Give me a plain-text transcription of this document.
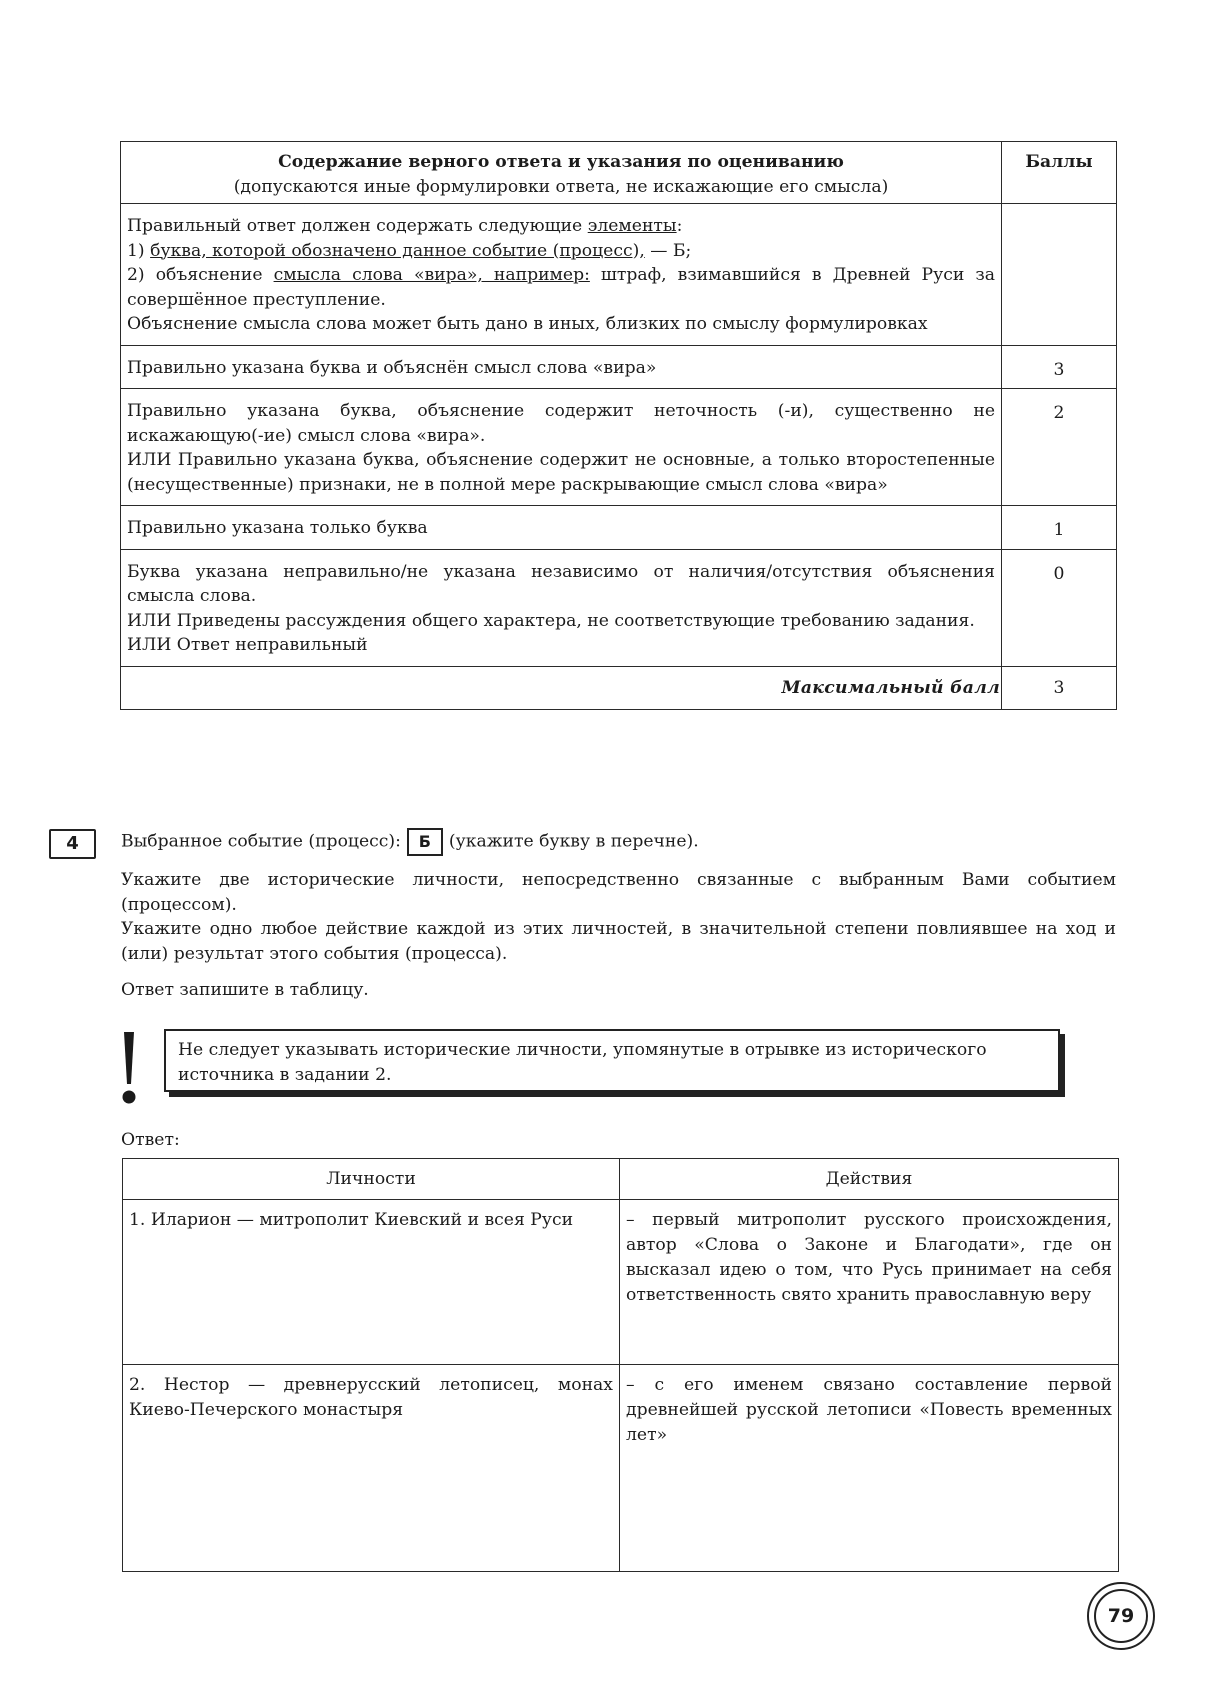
Содержание верного ответа и указания по оцениванию
(допускаются иные формулировки ответа, не искажающие его смысла)	Баллы

Правильный ответ должен содержать следующие элементы:
1) буква, которой обозначено данное событие (процесс), — Б;
2) объяснение смысла слова «вира», например: штраф, взимавшийся в Древней Руси за совершённое преступление.
Объяснение смысла слова может быть дано в иных, близких по смыслу формулировках	

Правильно указана буква и объяснён смысл слова «вира»	3

Правильно указана буква, объяснение содержит неточность (-и), существенно не искажающую(-ие) смысл слова «вира».
ИЛИ Правильно указана буква, объяснение содержит не основные, а только второстепенные (несущественные) признаки, не в полной мере раскрывающие смысл слова «вира»	2
Правильно указана только буква	1

Буква указана неправильно/не указана независимо от наличия/отсутствия объяснения смысла слова.
ИЛИ Приведены рассуждения общего характера, не соответствующие требованию задания.
ИЛИ Ответ неправильный	0
Максимальный балл	3
4	Выбранное событие (процесс): Б (укажите букву в перечне).

Укажите две исторические личности, непосредственно связанные с выбранным Вами событием (процессом).

Укажите одно любое действие каждой из этих личностей, в значительной степени повлиявшее на ход и (или) результат этого события (процесса).

Ответ запишите в таблицу.

Не следует указывать исторические личности, упомянутые в отрывке из исторического источника в задании 2.
Ответ:
Личности	Действия
1. Иларион — митрополит Киевский и всея Руси	– первый митрополит русского происхождения, автор «Слова о Законе и Благодати», где он высказал идею о том, что Русь принимает на себя ответственность свято хранить православную веру
2. Нестор — древнерусский летописец, монах Киево-Печерского монастыря	– с его именем связано составление первой древнейшей русской летописи «Повесть временных лет»
79
